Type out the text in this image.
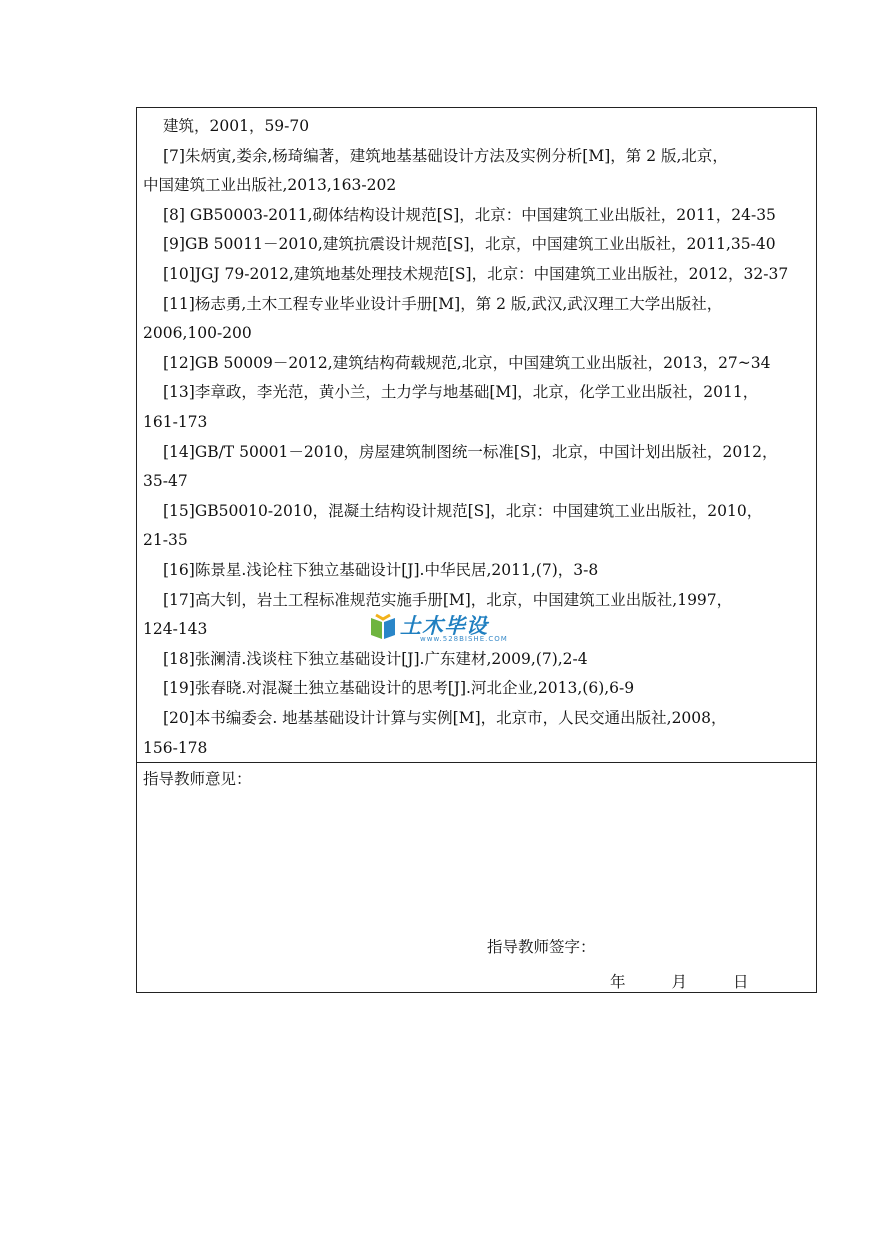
建筑，2001，59-70
[7]朱炳寅,娄余,杨琦编著，建筑地基基础设计方法及实例分析[M]，第 2 版,北京，
中国建筑工业出版社,2013,163-202
[8] GB50003-2011,砌体结构设计规范[S]，北京：中国建筑工业出版社，2011，24-35
[9]GB 50011－2010,建筑抗震设计规范[S]，北京，中国建筑工业出版社，2011,35-40
[10]JGJ 79-2012,建筑地基处理技术规范[S]，北京：中国建筑工业出版社，2012，32-37
[11]杨志勇,土木工程专业毕业设计手册[M]，第 2 版,武汉,武汉理工大学出版社，
2006,100-200
[12]GB 50009－2012,建筑结构荷载规范,北京，中国建筑工业出版社，2013，27~34
[13]李章政，李光范，黄小兰，土力学与地基础[M]，北京，化学工业出版社，2011，
161-173
[14]GB/T 50001－2010，房屋建筑制图统一标准[S]，北京，中国计划出版社，2012，
35-47
[15]GB50010-2010，混凝土结构设计规范[S]，北京：中国建筑工业出版社，2010，
21-35
[16]陈景星.浅论柱下独立基础设计[J].中华民居,2011,(7)，3-8
[17]高大钊，岩土工程标准规范实施手册[M]，北京，中国建筑工业出版社,1997，
124-143
[18]张澜清.浅谈柱下独立基础设计[J].广东建材,2009,(7),2-4
[19]张春晓.对混凝土独立基础设计的思考[J].河北企业,2013,(6),6-9
[20]本书编委会. 地基基础设计计算与实例[M]，北京市，人民交通出版社,2008，
156-178
指导教师意见：
指导教师签字：
年	月	日
土木毕设
www.528BISHE.COM
